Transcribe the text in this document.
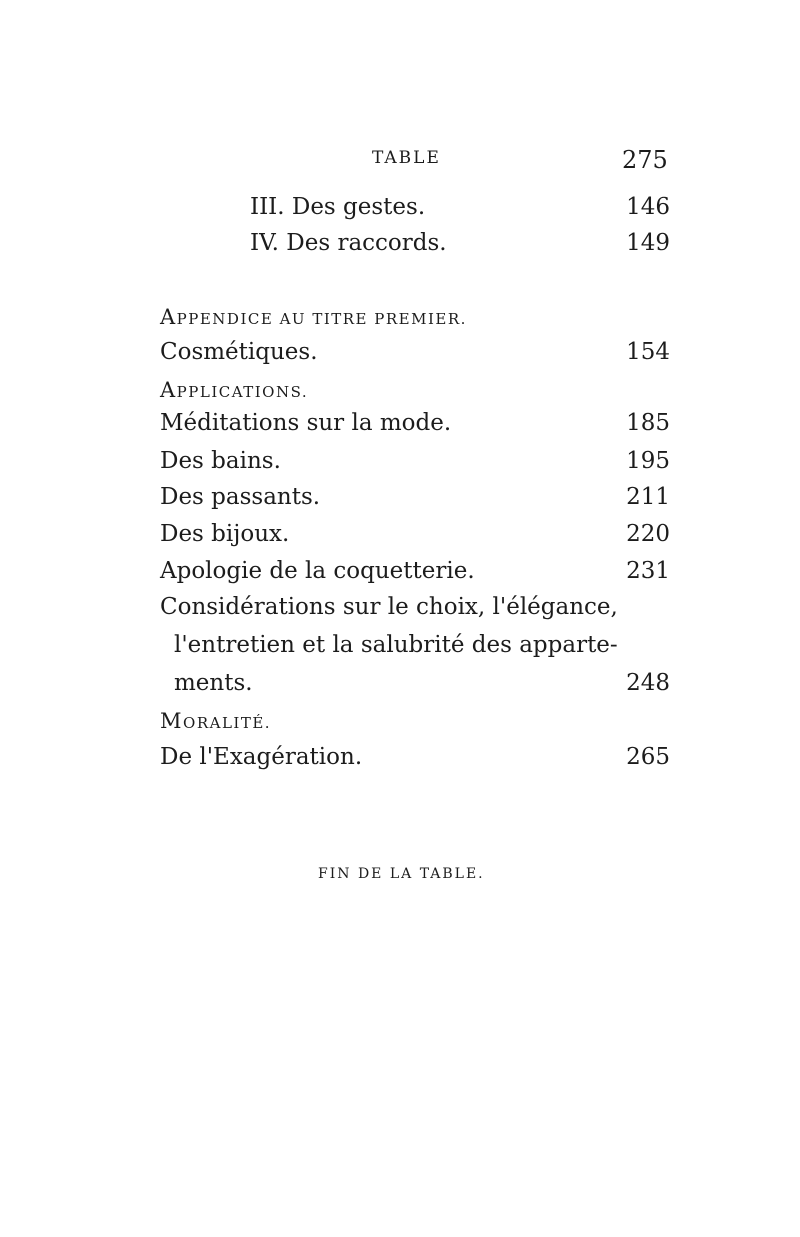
TABLE	275
III. Des gestes.	146
IV. Des raccords.	149
APPENDICE AU TITRE PREMIER.
Cosmétiques.	154
APPLICATIONS.
Méditations sur la mode.	185
Des bains.	195
Des passants.	211
Des bijoux.	220
Apologie de la coquetterie.	231
Considérations sur le choix, l'élégance,
l'entretien et la salubrité des apparte-
ments.	248
MORALITÉ.
De l'Exagération.	265
FIN DE LA TABLE.
